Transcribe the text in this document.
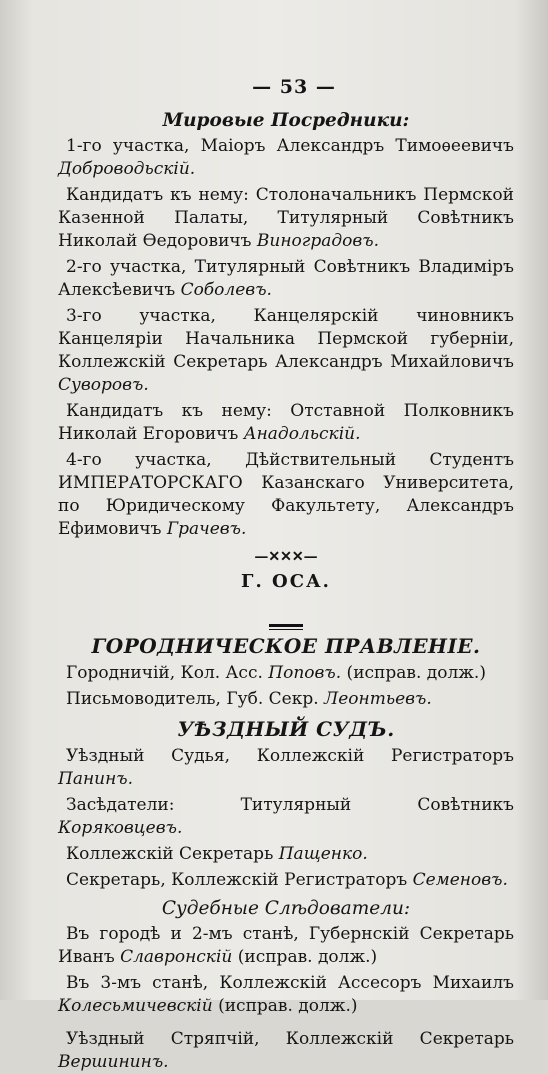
— 53 —
Мировые Посредники:
1-го участка, Маіоръ Александръ Тимоѳеевичъ Доброводьскій.
Кандидатъ къ нему: Столоначальникъ Пермской Казенной Палаты, Титулярный Совѣтникъ Николай Ѳедоровичъ Виноградовъ.
2-го участка, Титулярный Совѣтникъ Владиміръ Алексѣевичъ Соболевъ.
3-го участка, Канцелярскій чиновникъ Канцеляріи Начальника Пермской губерніи, Коллежскій Секретарь Александръ Михайловичъ Суворовъ.
Кандидатъ къ нему: Отставной Полковникъ Николай Егоровичъ Анадольскій.
4-го участка, Дѣйствительный Студентъ ИМПЕРАТОРСКАГО Казанскаго Университета, по Юридическому Факультету, Александръ Ефимовичъ Грачевъ.
—✕✕✕—
Г. ОСА.
ГОРОДНИЧЕСКОЕ ПРАВЛЕНІЕ.
Городничій, Кол. Асс. Поповъ. (исправ. долж.)
Письмоводитель, Губ. Секр. Леонтьевъ.
УѢЗДНЫЙ СУДЪ.
Уѣздный Судья, Коллежскій Регистраторъ Панинъ.
Засѣдатели: Титулярный Совѣтникъ Коряковцевъ.
Коллежскій Секретарь Пащенко.
Секретарь, Коллежскій Регистраторъ Семеновъ.
Судебные Слѣдователи:
Въ городѣ и 2-мъ станѣ, Губернскій Секретарь Иванъ Славронскій (исправ. долж.)
Въ 3-мъ станѣ, Коллежскій Ассесоръ Михаилъ Колесьмичевскій (исправ. долж.)
Уѣздный Стряпчій, Коллежскій Секретарь Вершининъ.
